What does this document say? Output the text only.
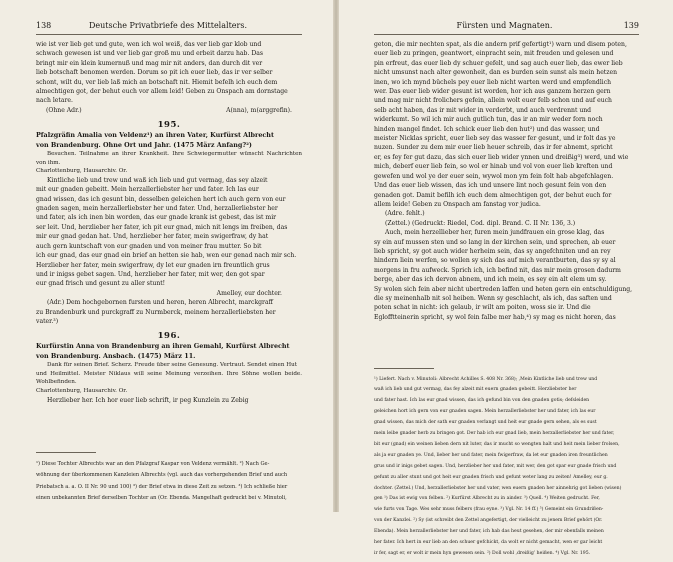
138	Deutsche Privatbriefe des Mittelalters.

wie ist ver lieb get und gute, wen ich wol weiß, das ver lieb gar klob und

schwach gewesen ist und ver lieb gar groß mu und erbeit darzu hab. Das

bringt mir ein klein kumernuß und mag mir nit anders, dan durch dit ver

lieb botschaft benomen werden. Dorum so pit ich euer lieb, das ir ver selber

schont, wilt du, ver lieb laß mich an botschaft nit. Hiemit befelh ich euch dem

almechtigen got, der behut euch vor allem leid! Geben zu Onspach am dornstage

nach letare.

(Ohne Adr.)	A(nna), m(arggrefin).

195.

Pfalzgräfin Amalia von Veldenz¹) an ihren Vater, Kurfürst Albrecht

von Brandenburg. Ohne Ort und Jahr. (1475 März Anfang?²)

Besuchen. Teilnahme an ihrer Krankheit. Ihre Schwiegermutter wünscht Nachrichten von ihm.

Charlottenburg, Hausarchiv. Or.

Kintliche lieb und trew und waß ich lieb und gut vermag, das sey alzeit

mit eur gnaden gebeitt. Mein herzallerliebster her und fater. Ich las eur

gnad wissen, das ich gesunt bin, desselben geleichen hert ich auch gern von eur

gnaden sagen, mein herzallerliebster her und fater. Und, herzallerliebster her

und fater, als ich inen bin worden, das eur gnade krank ist gebest, das ist mir

ser leit. Und, herzlieber her fater, ich pit eur gnad, mich nit lengs im freiben, das

mir eur gnad gedan hat. Und, herzlieber her fater, mein swigerfraw, dy hat

auch gern kuntschaft von eur gnaden und von meiner frau mutter. So bit

ich eur gnad, das eur gnad ein brief an hetten sie hab, wen eur genad nach mir sch.

Herzlieber her fater, mein swigerfraw, dy let eur gnaden irn freuntlich grus

und ir inigss gebet sagen. Und, herzlieber her fater, mit wer, den got spar

eur gnad frisch und gesunt zu aller stunt!

Amelley, eur dochter.

(Adr.) Dem hochgebornen fursten und heren, heren Albrecht, marckgraff

zu Brandenburk und purckgraff zu Nurmberck, meinem herzallerliebsten her

vater.³)

196.

Kurfürstin Anna von Brandenburg an ihren Gemahl, Kurfürst Albrecht

von Brandenburg. Ansbach. (1475) März 11.

Dank für seinen Brief. Scherz. Freude über seine Genesung. Vertraut. Sendet einen Hut

und Heilmittel. Meister Niklaus will seine Meinung verzeihen. Ihre Söhne wollen beide. Wohlbefinden.

Charlottenburg, Hausarchiv. Or.

Herzlieber her. Ich hor euer lieb schrift, ir peg Kunzlein zu Zebig

¹) Diese Tochter Albrechts war an den Pfalzgraf Kaspar von Veldenz vermählt. ²) Nach Ge-

wöhnung der überkommenen Kanzleien Albrechts (vgl. auch das vorhergehenden Brief und auch

Priebatsch a. a. O. II Nr. 90 und 100) ³) der Brief etwa in diese Zeit zu setzen. ³) Ich schließe hier

einen unbekannten Brief derselben Tochter an (Or. Ebenda. Mangelhaft gedruckt bei v. Minutoli,

Fürsten und Magnaten.	139

geton, die mir nechten spat, als die andern prif gefertigt¹) warn und disem poten,

euer lieb zu pringen, geantwort, einpracht sein, mit freuden und gelesen und

pin erfreut, das euer lieb dy schuer gefelt, und sag auch euer lieb, das ewer lieb

nicht umsunst nach alter gewonheit, dan es burden sein sunst als mein hetzen

inen, wo ich mynd büchels pey euer lieb nicht warten werd und empfendlich

wer. Das euer lieb wider gesunt ist worden, hor ich aus ganzem herzen gern

und mag mir nicht frolichers gefein, allein wolt euer felb schon und auf euch

selb acht haben, das ir mit wider in verderbt, und auch verdrennt und

widerkumt. So wil ich mir auch gutlich tun, das ir an mir weder forn noch

hinden mangel findet. Ich schick euer lieb den hut²) und das wasser, und

meister Nicklas spricht, euer lieb sey das wasser fer gesunt, und ir folt das ye

nuzen. Sunder zu dem mir euer lieb heuer schreib, das ir fer abnemt, spricht

er, es fey fer gut dazu, das sich euer lieb wider ynnen und dreißig³) werd, und wie

mich, deberf euer lieb fein, so wol er hinab und vol von euer lieb kreften und

gewefen und wol ye der euer sein, wywol mon ym fein folt hab abgefchlagen.

Und das euer lieb wissen, das ich und unsere lint noch gesunt fein von den

genaden got. Damit befilh ich euch dem almechtigen got, der behut euch for

allem leide! Geben zu Onspach am fanstag vor judica.

(Adre. fehlt.)

(Zettel.) (Gedruckt: Riedel, Cod. dipl. Brand. C. II Nr. 136, 3.)

Auch, mein herzellieber her, furen mein jundfrauen ein grose klag, das

sy ein auf mussen sten und so lang in der kirchen sein, und sprechen, ab euer

lieb spricht, sy got auch wider herheim sein, das sy angefchniten und an rey

hindern liein werfen, so wollen sy sich das auf mich verantburten, das sy sy al

morgens in fru aufweck. Sprich ich, ich befind nit, das mir mein grosen dadurm

berge, aber das ich dervon abnem, und ich mein, es sey ein alt elem um sy.

Sy wolen sich fein aber nicht ubertreden laffen und heten gern ein entschuldigung,

die sy meinenhalb nit sol heiben. Wenn sy geschlacht, als ich, das saften und

poten schat in nicht: ich gelaub, ir wilt am poiten, woss sie ir. Und die

Eglofftteinerin spricht, sy wol fein falbe mer hab,⁴) sy mag es nicht horen, das

¹) Liefert. Nach v. Minutoli: Albrecht Achilles S. 408 Nr. 368); ‚Mein Kintliche lieb und trew und

waß ich lieb und gut vermag, das fey alzeit mit euern gnaden gebeitt. Herzliebster her

und fater hast. Ich las eur gnad wissen, das ich gefund bin von den gnaden gotis; defsleiden

geleichen hort ich gern von eur gnaden sagen. Mein herzallerliebster her und fater, ich las eur

gnad wissen, das mich der sath eur gnaden verlangt und heit eur gnade gern sehen, als es sust

mein leibe gnader herb zu bringen got. Der hab ich eur gnad lieb, mein herzallerliebster her und fater,

bit eur (gnad) ein weinen lieben dern nit luter, das ir mucht so wengten halt und heit mein lieber frolsen,

als ja eur gnaden ye. Und, lieber her und fater, mein fwigerfraw, da let eur gnaden iren freuntlichen

grus und ir inigs gebet sagen. Und, herzlieber her und fater, mit wer, den got spar eur gnade frisch und

gefunt zu aller stunt und got heit eur gnaden frisch und gefunt weter lang zu zeiten! Amelley, eur g.

dochter. (Zettel.) Und, herzallerliebster her und vater, wen euern gnaden her ainnehrig got lieben (wisen)

gen ¹) Das ist ewig von felben. ²) Kurfürst Albrecht zu in ainder. ³) Quell. ⁴) Weiten gedrucht. Fer,

wie furts von Tage. Wes sehr muss felbers (frau eyne. ³) Vgl. Nr. 14 ff.) ⁵) Gemeint ein Grundrißen-

von der Kanzlei. ²) Sy (ist schreibt den Zettel angefertigt, der vielleicht zu jenem Brief gehört (Or.

Ebenda). Mein herzallerliebster her und fater, ich hab das heut gesehen, der mir ebenfalls meinen

her fater. Ich hert in eur lieb an den schuer gefchickt, da wolt er nicht gemacht, wen er gar leicht

ir fer, sagt er, er wolt ir mein hyn gewesen sein. ²) Doll wohl ‚dreißig‘ heißen. ⁴) Vgl. Nr. 195.
